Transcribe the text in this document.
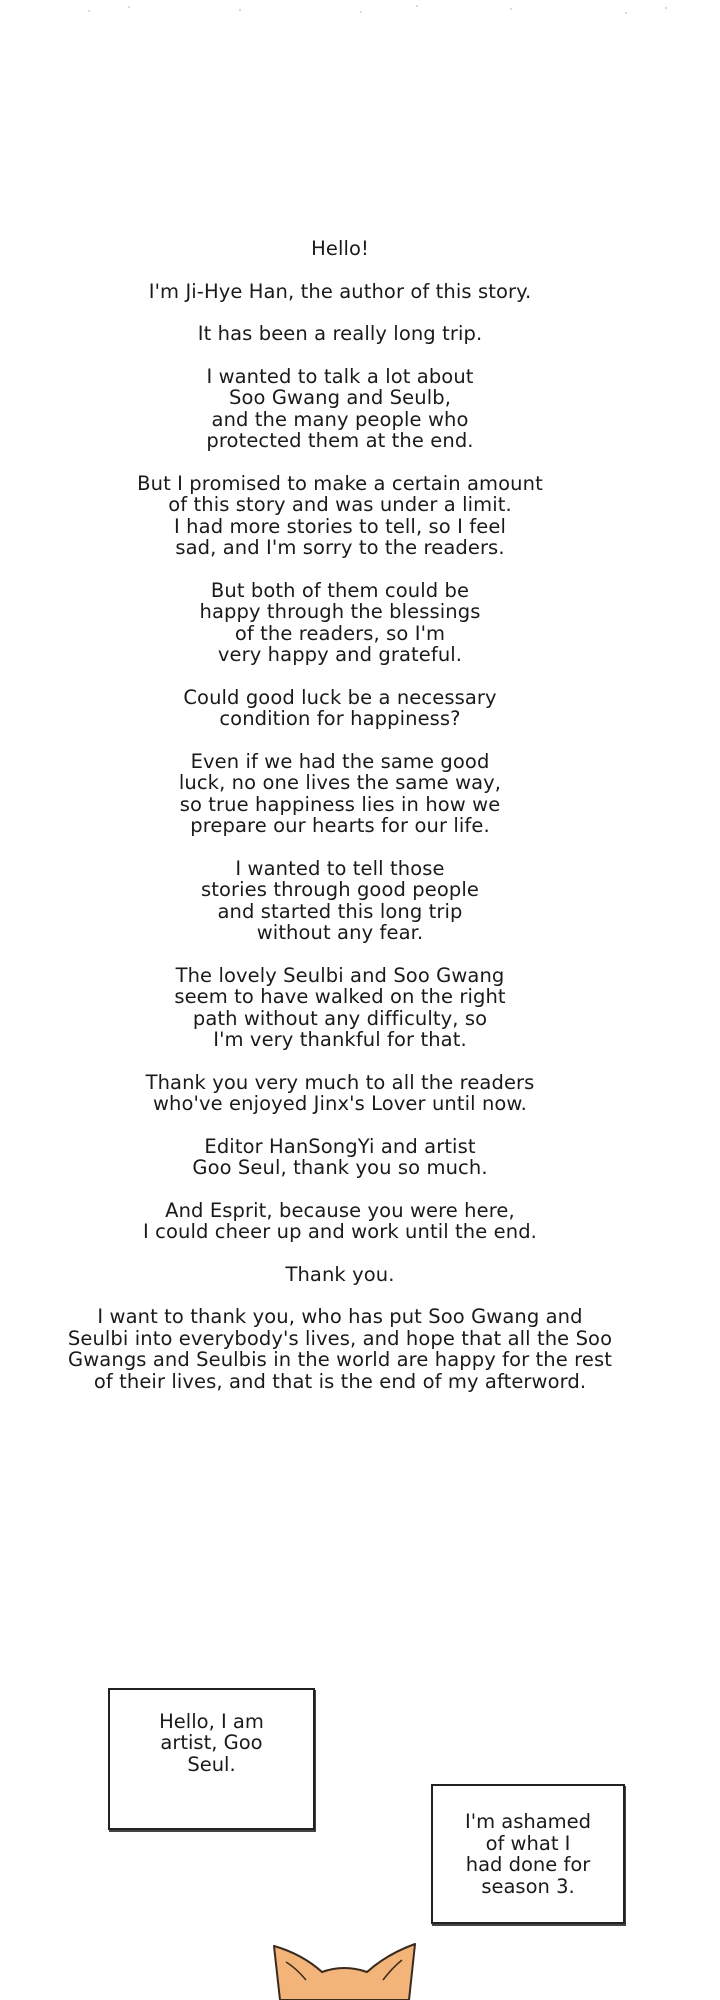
Hello!

I'm Ji-Hye Han, the author of this story.

It has been a really long trip.

I wanted to talk a lot about
Soo Gwang and Seulb,
and the many people who
protected them at the end.

But I promised to make a certain amount
of this story and was under a limit.
I had more stories to tell, so I feel
sad, and I'm sorry to the readers.

But both of them could be
happy through the blessings
of the readers, so I'm
very happy and grateful.

Could good luck be a necessary
condition for happiness?

Even if we had the same good
luck, no one lives the same way,
so true happiness lies in how we
prepare our hearts for our life.

I wanted to tell those
stories through good people
and started this long trip
without any fear.

The lovely Seulbi and Soo Gwang
seem to have walked on the right
path without any difficulty, so
I'm very thankful for that.

Thank you very much to all the readers
who've enjoyed Jinx's Lover until now.

Editor HanSongYi and artist
Goo Seul, thank you so much.

And Esprit, because you were here,
I could cheer up and work until the end.

Thank you.

I want to thank you, who has put Soo Gwang and
Seulbi into everybody's lives, and hope that all the Soo
Gwangs and Seulbis in the world are happy for the rest
of their lives, and that is the end of my afterword.

Hello, I am
artist, Goo
Seul.
I'm ashamed
of what I
had done for
season 3.
